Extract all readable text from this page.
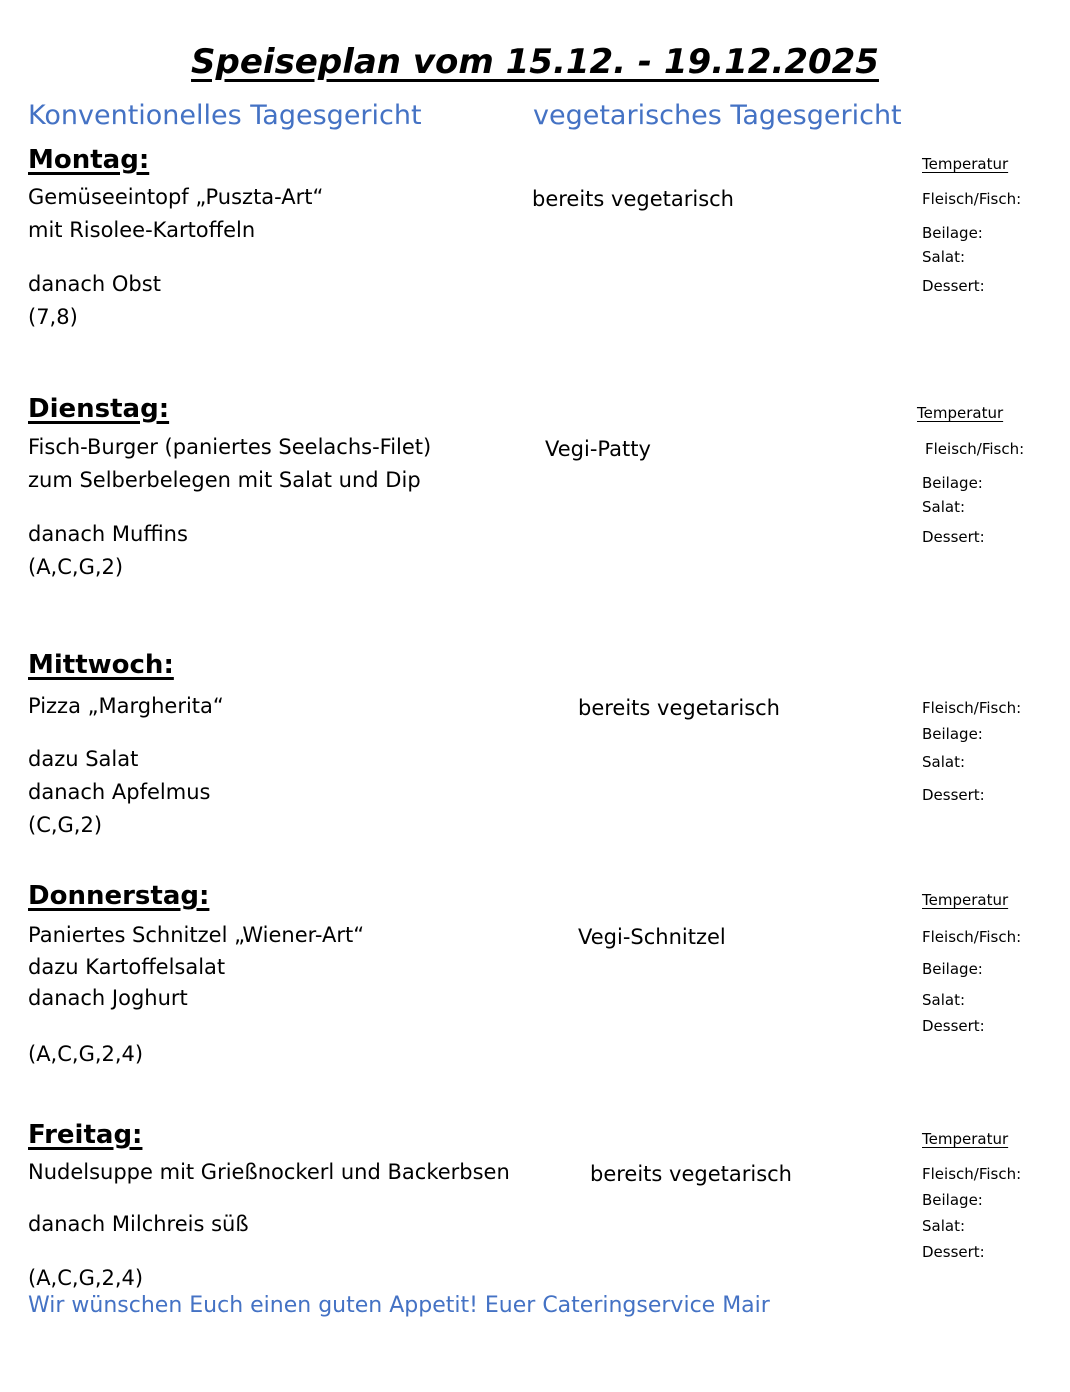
Speiseplan vom 15.12. - 19.12.2025
Konventionelles Tagesgericht	vegetarisches Tagesgericht
Montag:	Temperatur
Gemüseeintopf „Puszta-Art“	bereits vegetarisch	Fleisch/Fisch:
mit Risolee-Kartoffeln	Beilage:
Salat:
danach Obst	Dessert:
(7,8)
Dienstag:	Temperatur
Fisch-Burger (paniertes Seelachs-Filet)	Vegi-Patty	Fleisch/Fisch:
zum Selberbelegen mit Salat und Dip	Beilage:
Salat:
danach Muffins	Dessert:
(A,C,G,2)
Mittwoch:
Pizza „Margherita“	bereits vegetarisch	Fleisch/Fisch:
Beilage:
dazu Salat	Salat:
danach Apfelmus	Dessert:
(C,G,2)
Donnerstag:	Temperatur
Paniertes Schnitzel „Wiener-Art“	Vegi-Schnitzel	Fleisch/Fisch:
dazu Kartoffelsalat	Beilage:
danach Joghurt	Salat:
Dessert:
(A,C,G,2,4)
Freitag:	Temperatur
Nudelsuppe mit Grießnockerl und Backerbsen	bereits vegetarisch	Fleisch/Fisch:
Beilage:
danach Milchreis süß	Salat:
Dessert:
(A,C,G,2,4)
Wir wünschen Euch einen guten Appetit! Euer Cateringservice Mair
